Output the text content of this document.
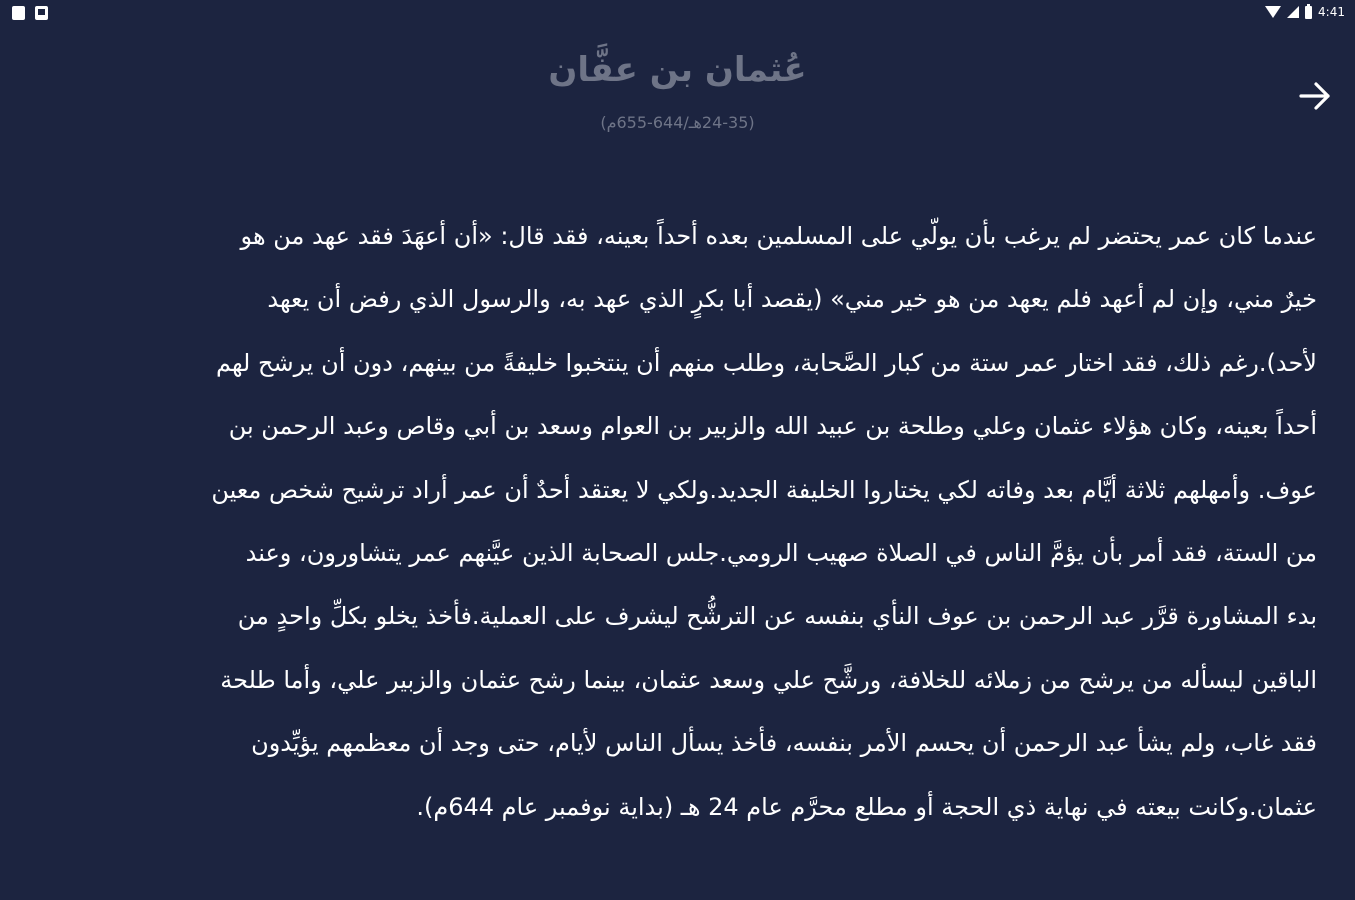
4:41
عُثمان بن عفَّان
(24-35هـ/644-655م)
عندما كان عمر يحتضر لم يرغب بأن يولّي على المسلمين بعده أحداً بعينه، فقد قال: «أن أعهَدَ فقد عهد من هو
خيرٌ مني، وإن لم أعهد فلم يعهد من هو خير مني» (يقصد أبا بكرٍ الذي عهد به، والرسول الذي رفض أن يعهد
لأحد).رغم ذلك، فقد اختار عمر ستة من كبار الصَّحابة، وطلب منهم أن ينتخبوا خليفةً من بينهم، دون أن يرشح لهم
أحداً بعينه، وكان هؤلاء عثمان وعلي وطلحة بن عبيد الله والزبير بن العوام وسعد بن أبي وقاص وعبد الرحمن بن
عوف. وأمهلهم ثلاثة أيَّام بعد وفاته لكي يختاروا الخليفة الجديد.ولكي لا يعتقد أحدٌ أن عمر أراد ترشيح شخص معين
من الستة، فقد أمر بأن يؤمَّ الناس في الصلاة صهيب الرومي.جلس الصحابة الذين عيَّنهم عمر يتشاورون، وعند
بدء المشاورة قرَّر عبد الرحمن بن عوف النأي بنفسه عن الترشُّح ليشرف على العملية.فأخذ يخلو بكلِّ واحدٍ من
الباقين ليسأله من يرشح من زملائه للخلافة، ورشَّح علي وسعد عثمان، بينما رشح عثمان والزبير علي، وأما طلحة
فقد غاب، ولم يشأ عبد الرحمن أن يحسم الأمر بنفسه، فأخذ يسأل الناس لأيام، حتى وجد أن معظمهم يؤيِّدون
عثمان.وكانت بيعته في نهاية ذي الحجة أو مطلع محرَّم عام 24 هـ (بداية نوفمبر عام 644م).
